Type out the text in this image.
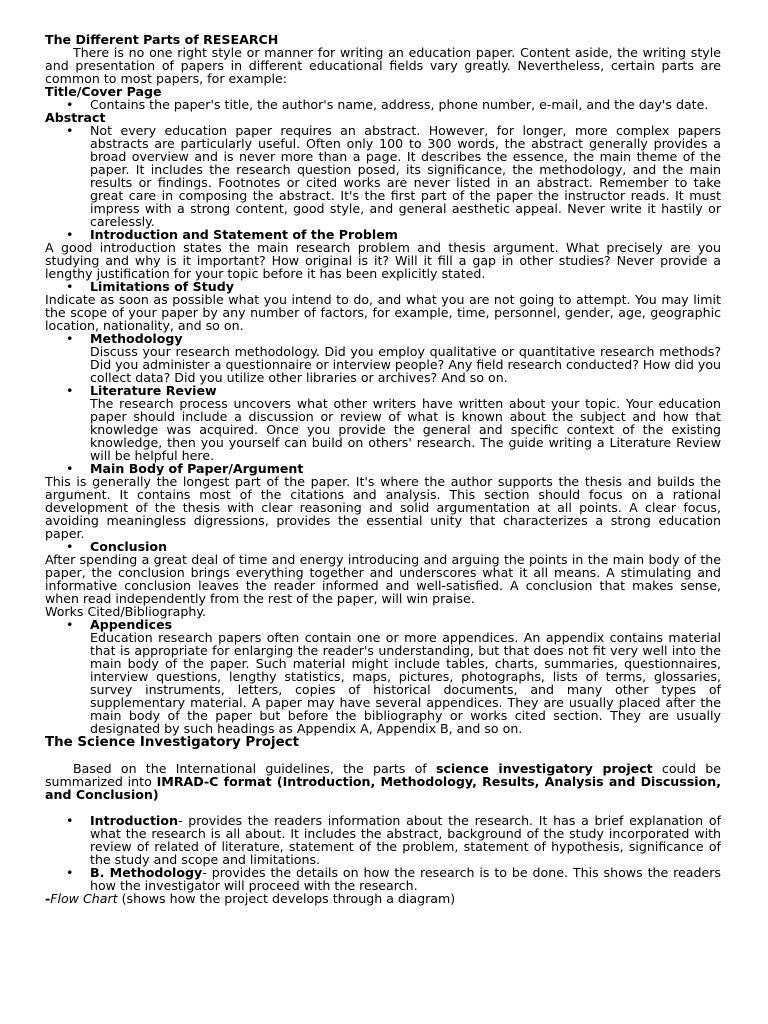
The Different Parts of RESEARCH

There is no one right style or manner for writing an education paper. Content aside, the writing style and presentation of papers in different educational fields vary greatly. Nevertheless, certain parts are common to most papers, for example:

Title/Cover Page

• Contains the paper's title, the author's name, address, phone number, e-mail, and the day's date.

Abstract

• Not every education paper requires an abstract. However, for longer, more complex papers abstracts are particularly useful. Often only 100 to 300 words, the abstract generally provides a broad overview and is never more than a page. It describes the essence, the main theme of the paper. It includes the research question posed, its significance, the methodology, and the main results or findings. Footnotes or cited works are never listed in an abstract. Remember to take great care in composing the abstract. It's the first part of the paper the instructor reads. It must impress with a strong content, good style, and general aesthetic appeal. Never write it hastily or carelessly.
• Introduction and Statement of the Problem

A good introduction states the main research problem and thesis argument. What precisely are you studying and why is it important? How original is it? Will it fill a gap in other studies? Never provide a lengthy justification for your topic before it has been explicitly stated.

• Limitations of Study

Indicate as soon as possible what you intend to do, and what you are not going to attempt. You may limit the scope of your paper by any number of factors, for example, time, personnel, gender, age, geographic location, nationality, and so on.

• Methodology
Discuss your research methodology. Did you employ qualitative or quantitative research methods? Did you administer a questionnaire or interview people? Any field research conducted? How did you collect data? Did you utilize other libraries or archives? And so on.
• Literature Review
The research process uncovers what other writers have written about your topic. Your education paper should include a discussion or review of what is known about the subject and how that knowledge was acquired. Once you provide the general and specific context of the existing knowledge, then you yourself can build on others' research. The guide writing a Literature Review will be helpful here.
• Main Body of Paper/Argument

This is generally the longest part of the paper. It's where the author supports the thesis and builds the argument. It contains most of the citations and analysis. This section should focus on a rational development of the thesis with clear reasoning and solid argumentation at all points. A clear focus, avoiding meaningless digressions, provides the essential unity that characterizes a strong education paper.

• Conclusion

After spending a great deal of time and energy introducing and arguing the points in the main body of the paper, the conclusion brings everything together and underscores what it all means. A stimulating and informative conclusion leaves the reader informed and well-satisfied. A conclusion that makes sense, when read independently from the rest of the paper, will win praise.

Works Cited/Bibliography.

• Appendices
Education research papers often contain one or more appendices. An appendix contains material that is appropriate for enlarging the reader's understanding, but that does not fit very well into the main body of the paper. Such material might include tables, charts, summaries, questionnaires, interview questions, lengthy statistics, maps, pictures, photographs, lists of terms, glossaries, survey instruments, letters, copies of historical documents, and many other types of supplementary material. A paper may have several appendices. They are usually placed after the main body of the paper but before the bibliography or works cited section. They are usually designated by such headings as Appendix A, Appendix B, and so on.

The Science Investigatory Project

Based on the International guidelines, the parts of science investigatory project could be summarized into IMRAD-C format (Introduction, Methodology, Results, Analysis and Discussion, and Conclusion)

• Introduction- provides the readers information about the research. It has a brief explanation of what the research is all about. It includes the abstract, background of the study incorporated with review of related of literature, statement of the problem, statement of hypothesis, significance of the study and scope and limitations.
• B. Methodology- provides the details on how the research is to be done. This shows the readers how the investigator will proceed with the research.

-Flow Chart (shows how the project develops through a diagram)
